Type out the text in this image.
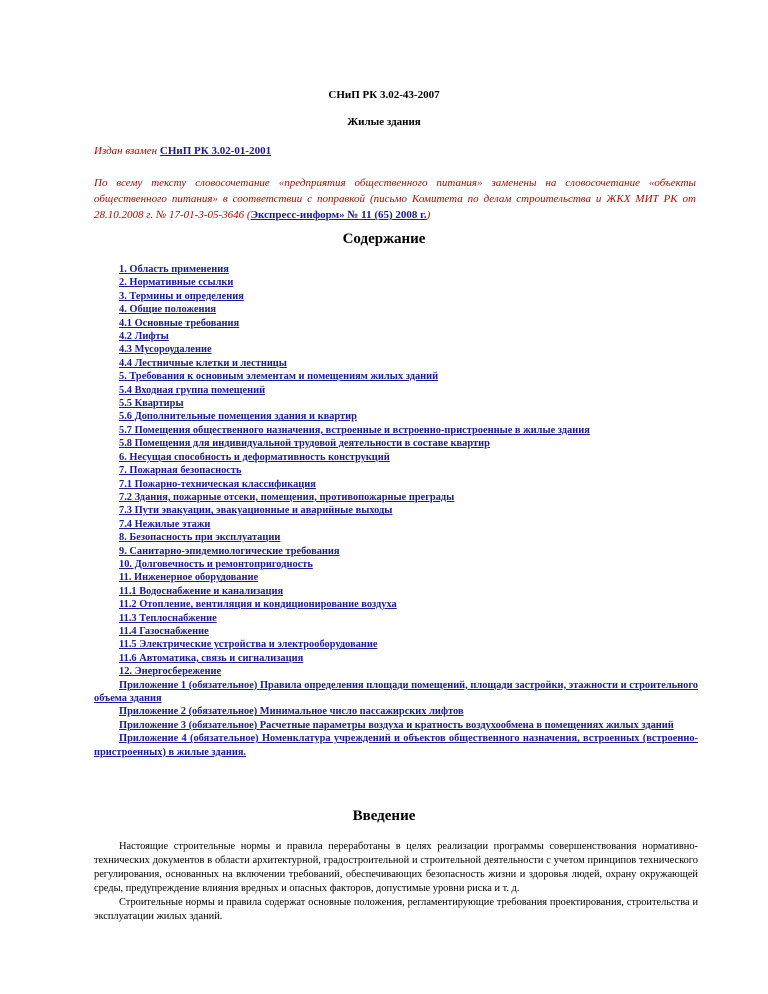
СНиП РК 3.02-43-2007
Жилые здания
Издан взамен СНиП РК 3.02-01-2001
По всему тексту словосочетание «предприятия общественного питания» заменены на словосочетание «объекты общественного питания» в соответствии с поправкой (письмо Комитета по делам строительства и ЖКХ МИТ РК от 28.10.2008 г. № 17-01-3-05-3646 (Экспресс-информ» № 11 (65) 2008 г.)
Содержание
1. Область применения
2. Нормативные ссылки
3. Термины и определения
4. Общие положения
4.1 Основные требования
4.2 Лифты
4.3 Мусороудаление
4.4 Лестничные клетки и лестницы
5. Требования к основным элементам и помещениям жилых зданий
5.4 Входная группа помещений
5.5 Квартиры
5.6 Дополнительные помещения здания и квартир
5.7 Помещения общественного назначения, встроенные и встроенно-пристроенные в жилые здания
5.8 Помещения для индивидуальной трудовой деятельности в составе квартир
6. Несущая способность и деформативность конструкций
7. Пожарная безопасность
7.1 Пожарно-техническая классификация
7.2 Здания, пожарные отсеки, помещения, противопожарные преграды
7.3 Пути эвакуации, эвакуационные и аварийные выходы
7.4 Нежилые этажи
8. Безопасность при эксплуатации
9. Санитарно-эпидемиологические требования
10. Долговечность и ремонтопригодность
11. Инженерное оборудование
11.1 Водоснабжение и канализация
11.2 Отопление, вентиляция и кондиционирование воздуха
11.3 Теплоснабжение
11.4 Газоснабжение
11.5 Электрические устройства и электрооборудование
11.6 Автоматика, связь и сигнализация
12. Энергосбережение
Приложение 1 (обязательное) Правила определения площади помещений, площади застройки, этажности и строительного объема здания
Приложение 2 (обязательное) Минимальное число пассажирских лифтов
Приложение 3 (обязательное) Расчетные параметры воздуха и кратность воздухообмена в помещениях жилых зданий
Приложение 4 (обязательное) Номенклатура учреждений и объектов общественного назначения, встроенных (встроенно-пристроенных) в жилые здания.
Введение

Настоящие строительные нормы и правила переработаны в целях реализации программы совершенствования нормативно-технических документов в области архитектурной, градостроительной и строительной деятельности с учетом принципов технического регулирования, основанных на включении требований, обеспечивающих безопасность жизни и здоровья людей, охрану окружающей среды, предупреждение влияния вредных и опасных факторов, допустимые уровни риска и т. д.

Строительные нормы и правила содержат основные положения, регламентирующие требования проектирования, строительства и эксплуатации жилых зданий.
